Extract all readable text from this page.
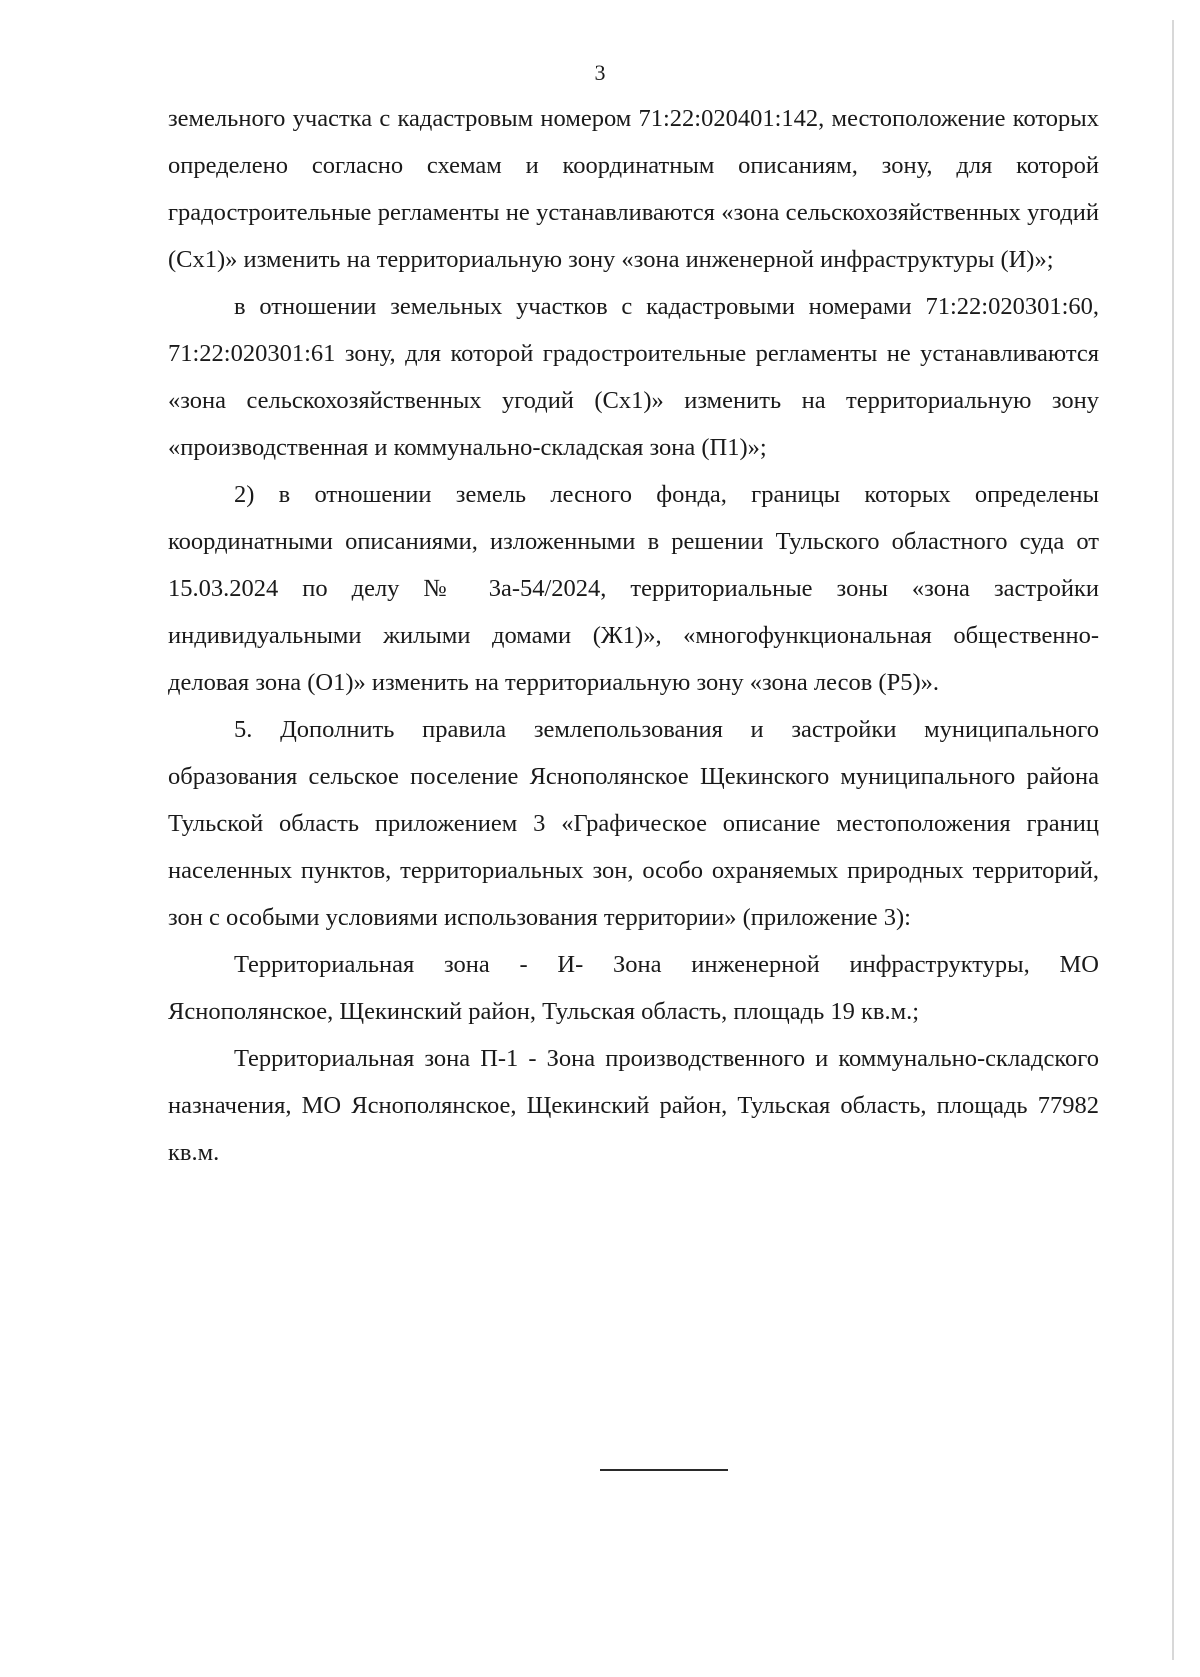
3

земельного участка с кадастровым номером 71:22:020401:142, местоположение которых определено согласно схемам и координатным описаниям, зону, для которой градостроительные регламенты не устанавливаются «зона сельскохозяйственных угодий (Сх1)» изменить на территориальную зону «зона инженерной инфраструктуры (И)»;

в отношении земельных участков с кадастровыми номерами 71:22:020301:60, 71:22:020301:61 зону, для которой градостроительные регламенты не устанавливаются «зона сельскохозяйственных угодий (Сх1)» изменить на территориальную зону «производственная и коммунально-складская зона (П1)»;

2) в отношении земель лесного фонда, границы которых определены координатными описаниями, изложенными в решении Тульского областного суда от 15.03.2024 по делу № 3а-54/2024, территориальные зоны «зона застройки индивидуальными жилыми домами (Ж1)», «многофункциональная общественно-деловая зона (О1)» изменить на территориальную зону «зона лесов (Р5)».

5. Дополнить правила землепользования и застройки муниципального образования сельское поселение Яснополянское Щекинского муниципального района Тульской область приложением 3 «Графическое описание местоположения границ населенных пунктов, территориальных зон, особо охраняемых природных территорий, зон с особыми условиями использования территории» (приложение 3):

Территориальная зона - И- Зона инженерной инфраструктуры, МО Яснополянское, Щекинский район, Тульская область, площадь 19 кв.м.;

Территориальная зона П-1 - Зона производственного и коммунально-складского назначения, МО Яснополянское, Щекинский район, Тульская область, площадь 77982 кв.м.
